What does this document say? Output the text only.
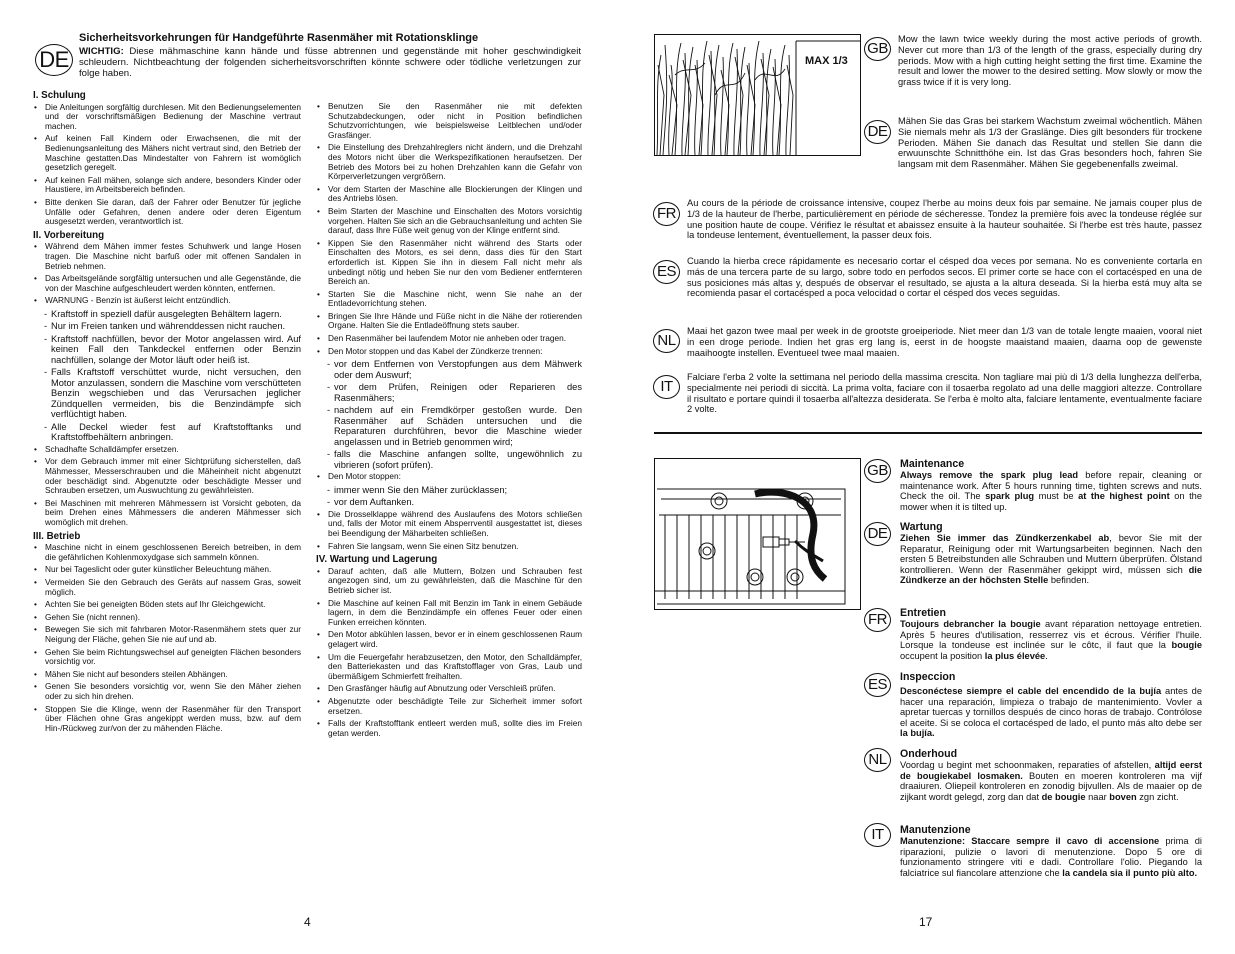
DE
Sicherheitsvorkehrungen für Handgeführte Rasenmäher mit Rotationsklinge
WICHTIG: Diese mähmaschine kann hände und füsse abtrennen und gegenstände mit hoher geschwindigkeit schleudern. Nichtbeachtung der folgenden sicherheitsvorschriften könnte schwere oder tödliche verletzungen zur folge haben.
I. Schulung
• Die Anleitungen sorgfältig durchlesen. Mit den Bedienungselementen und der vorschriftsmäßigen Bedienung der Maschine vertraut machen.
• Auf keinen Fall Kindern oder Erwachsenen, die mit der Bedienungsanleitung des Mähers nicht vertraut sind, den Betrieb der Maschine gestatten.Das Mindestalter von Fahrern ist womöglich gesetzlich geregelt.
• Auf keinen Fall mähen, solange sich andere, besonders Kinder oder Haustiere, im Arbeitsbereich befinden.
• Bitte denken Sie daran, daß der Fahrer oder Benutzer für jegliche Unfälle oder Gefahren, denen andere oder deren Eigentum ausgesetzt werden, verantwortlich ist.
II. Vorbereitung
• Während dem Mähen immer festes Schuhwerk und lange Hosen tragen. Die Maschine nicht barfuß oder mit offenen Sandalen in Betrieb nehmen.
• Das Arbeitsgelände sorgfältig untersuchen und alle Gegenstände, die von der Maschine aufgeschleudert werden könnten, entfernen.
• WARNUNG - Benzin ist äußerst leicht entzündlich.
- Kraftstoff in speziell dafür ausgelegten Behältern lagern.
- Nur im Freien tanken und währenddessen nicht rauchen.
- Kraftstoff nachfüllen, bevor der Motor angelassen wird. Auf keinen Fall den Tankdeckel entfernen oder Benzin nachfüllen, solange der Motor läuft oder heiß ist.
- Falls Kraftstoff verschüttet wurde, nicht versuchen, den Motor anzulassen, sondern die Maschine vom verschütteten Benzin wegschieben und das Verursachen jeglicher Zündquellen vermeiden, bis die Benzindämpfe sich verflüchtigt haben.
- Alle Deckel wieder fest auf Kraftstofftanks und Kraftstoffbehältern anbringen.
• Schadhafte Schalldämpfer ersetzen.
• Vor dem Gebrauch immer mit einer Sichtprüfung sicherstellen, daß Mähmesser, Messerschrauben und die Mäheinheit nicht abgenutzt oder beschädigt sind. Abgenutzte oder beschädigte Messer und Schrauben ersetzen, um Auswuchtung zu gewährleisten.
• Bei Maschinen mit mehreren Mähmessern ist Vorsicht geboten, da beim Drehen eines Mähmessers die anderen Mähmesser sich womöglich mit drehen.
III. Betrieb
• Maschine nicht in einem geschlossenen Bereich betreiben, in dem die gefährlichen Kohlenmoxydgase sich sammeln können.
• Nur bei Tageslicht oder guter künstlicher Beleuchtung mähen.
• Vermeiden Sie den Gebrauch des Geräts auf nassem Gras, soweit möglich.
• Achten Sie bei geneigten Böden stets auf Ihr Gleichgewicht.
• Gehen Sie (nicht rennen).
• Bewegen Sie sich mit fahrbaren Motor-Rasenmähern stets quer zur Neigung der Fläche, gehen Sie nie auf und ab.
• Gehen Sie beim Richtungswechsel auf geneigten Flächen besonders vorsichtig vor.
• Mähen Sie nicht auf besonders steilen Abhängen.
• Genen Sie besonders vorsichtig vor, wenn Sie den Mäher ziehen oder zu sich hin drehen.
• Stoppen Sie die Klinge, wenn der Rasenmäher für den Transport über Flächen ohne Gras angekippt werden muss, bzw. auf dem Hin-/Rückweg zur/von der zu mähenden Fläche.
• Benutzen Sie den Rasenmäher nie mit defekten Schutzabdeckungen, oder nicht in Position befindlichen Schutzvorrichtungen, wie beispielsweise Leitblechen und/oder Grasfänger.
• Die Einstellung des Drehzahlreglers nicht ändern, und die Drehzahl des Motors nicht über die Werkspezifikationen heraufsetzen. Der Betrieb des Motors bei zu hohen Drehzahlen kann die Gefahr von Körperverletzungen vergrößern.
• Vor dem Starten der Maschine alle Blockierungen der Klingen und des Antriebs lösen.
• Beim Starten der Maschine und Einschalten des Motors vorsichtig vorgehen. Halten Sie sich an die Gebrauchsanleitung und achten Sie darauf, dass Ihre Füße weit genug von der Klinge entfernt sind.
• Kippen Sie den Rasenmäher nicht während des Starts oder Einschalten des Motors, es sei denn, dass dies für den Start erforderlich ist. Kippen Sie ihn in diesem Fall nicht mehr als unbedingt nötig und heben Sie nur den vom Bediener entfernteren Bereich an.
• Starten Sie die Maschine nicht, wenn Sie nahe an der Entladevorrichtung stehen.
• Bringen Sie Ihre Hände und Füße nicht in die Nähe der rotierenden Organe. Halten Sie die Entladeöffnung stets sauber.
• Den Rasenmäher bei laufendem Motor nie anheben oder tragen.
• Den Motor stoppen und das Kabel der Zündkerze trennen:
- vor dem Entfernen von Verstopfungen aus dem Mähwerk oder dem Auswurf;
- vor dem Prüfen, Reinigen oder Reparieren des Rasenmähers;
- nachdem auf ein Fremdkörper gestoßen wurde. Den Rasenmäher auf Schäden untersuchen und die Reparaturen durchführen, bevor die Maschine wieder angelassen und in Betrieb genommen wird;
- falls die Maschine anfangen sollte, ungewöhnlich zu vibrieren (sofort prüfen).
• Den Motor stoppen:
- immer wenn Sie den Mäher zurücklassen;
- vor dem Auftanken.
• Die Drosselklappe während des Auslaufens des Motors schließen und, falls der Motor mit einem Absperrventil ausgestattet ist, dieses bei Beendigung der Mäharbeiten schließen.
• Fahren Sie langsam, wenn Sie einen Sitz benutzen.
IV. Wartung und Lagerung
• Darauf achten, daß alle Muttern, Bolzen und Schrauben fest angezogen sind, um zu gewährleisten, daß die Maschine für den Betrieb sicher ist.
• Die Maschine auf keinen Fall mit Benzin im Tank in einem Gebäude lagern, in dem die Benzindämpfe ein offenes Feuer oder einen Funken erreichen könnten.
• Den Motor abkühlen lassen, bevor er in einem geschlossenen Raum gelagert wird.
• Um die Feuergefahr herabzusetzen, den Motor, den Schalldämpfer, den Batteriekasten und das Kraftstofflager von Gras, Laub und übermäßigem Schmierfett freihalten.
• Den Grasfänger häufig auf Abnutzung oder Verschleiß prüfen.
• Abgenutzte oder beschädigte Teile zur Sicherheit immer sofort ersetzen.
• Falls der Kraftstofftank entleert werden muß, sollte dies im Freien getan werden.
4
MAX 1/3
GB
Mow the lawn twice weekly during the most active periods of growth. Never cut more than 1/3 of the length of the grass, especially during dry periods. Mow with a high cutting height setting the first time. Examine the result and lower the mower to the desired setting. Mow slowly or mow the grass twice if it is very long.
DE
Mähen Sie das Gras bei starkem Wachstum zweimal wöchentlich. Mähen Sie niemals mehr als 1/3 der Graslänge. Dies gilt besonders für trockene Perioden. Mähen Sie danach das Resultat und stellen Sie dann die erwuunschte Schnitthöhe ein. Ist das Gras besonders hoch, fahren Sie langsam mit dem Rasenmäher. Mähen Sie gegebenenfalls zweimal.
FR
Au cours de la période de croissance intensive, coupez l'herbe au moins deux fois par semaine. Ne jamais couper plus de 1/3 de la hauteur de l'herbe, particulièrement en période de sécheresse. Tondez la première fois avec la tondeuse réglée sur une position haute de coupe. Vérifiez le résultat et abaissez ensuite à la hauteur souhaitée. Si l'herbe est très haute, passez la tondeuse lentement, éventuellement, la passer deux fois.
ES
Cuando la hierba crece rápidamente es necesario cortar el césped doa veces por semana. No es conveniente cortarla en más de una tercera parte de su largo, sobre todo en perfodos secos. El primer corte se hace con el cortacésped en una de sus posiciones más altas y, después de observar el resultado, se ajusta a la altura deseada. Si la hierba está muy alta se recomienda pasar el cortacésped a poca velocidad o cortar el césped dos veces seguidas.
NL
Maai het gazon twee maal per week in de grootste groeiperiode. Niet meer dan 1/3 van de totale lengte maaien, vooral niet in een droge periode. Indien het gras erg lang is, eerst in de hoogste maaistand maaien, daarna oop de gewenste maaihoogte instellen. Eventueel twee maal maaien.
IT
Falciare l'erba 2 volte la settimana nel periodo della massima crescita. Non tagliare mai più di 1/3 della lunghezza dell'erba, specialmente nei periodi di siccità. La prima volta, faciare con il tosaerba regolato ad una delle maggiori altezze. Controllare il risultato e portare quindi il tosaerba all'altezza desiderata. Se l'erba è molto alta, falciare lentamente, eventualmente faciare 2 volte.
GB Maintenance
Always remove the spark plug lead before repair, cleaning or maintenance work. After 5 hours running time, tighten screws and nuts. Check the oil. The spark plug must be at the highest point on the mower when it is tilted up.
DE	Wartung
Ziehen Sie immer das Zündkerzenkabel ab, bevor Sie mit der Reparatur, Reinigung oder mit Wartungsarbeiten beginnen. Nach den ersten 5 Betreibstunden alle Schrauben und Muttern überprüfen. Ölstand kontrollieren. Wenn der Rasenmäher gekippt wird, müssen sich die Zündkerze an der höchsten Stelle befinden.
FR	Entretien
Toujours debrancher la bougie avant réparation nettoyage entretien. Après 5 heures d'utilisation, resserrez vis et écrous. Vérifier l'huile. Lorsque la tondeuse est inclinée sur le côtc, il faut que la bougie occupent la position la plus élevée.
ES	Inspeccion
Desconéctese siempre el cable del encendido de la bujía antes de hacer una reparación, limpieza o trabajo de mantenimiento. Vovler a apretar tuercas y tornillos después de cinco horas de trabajo. Contrólose el aceite. Si se coloca el cortacésped de lado, el punto más alto debe ser la bujía.
NL	Onderhoud
Voordag u begint met schoonmaken, reparaties of afstellen, altijd eerst de bougiekabel losmaken. Bouten en moeren kontroleren ma vijf draaiuren. Oliepeil kontroleren en zonodig bijvullen. Als de maaier op de zijkant wordt gelegd, zorg dan dat de bougie naar boven zgn zicht.
IT	Manutenzione
Manutenzione: Staccare sempre il cavo di accensione prima di riparazioni, pulizie o lavori di menutenzione. Dopo 5 ore di funzionamento stringere viti e dadi. Controllare l'olio. Piegando la falciatrice sul fiancolare attenzione che la candela sia il punto più alto.
17
